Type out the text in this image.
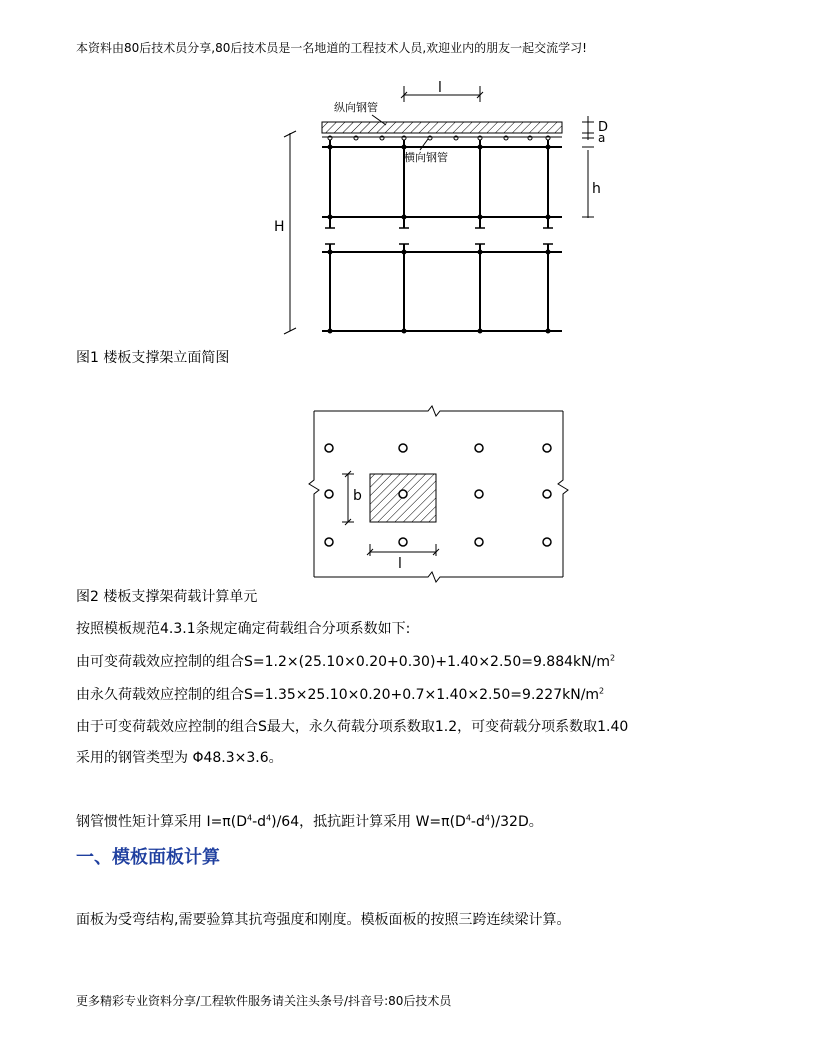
本资料由80后技术员分享,80后技术员是一名地道的工程技术人员,欢迎业内的朋友一起交流学习!
l
D
a
h
H
纵向钢管
横向钢管
图1 楼板支撑架立面简图
b
l
图2 楼板支撑架荷载计算单元
按照模板规范4.3.1条规定确定荷载组合分项系数如下:
由可变荷载效应控制的组合$S=1.2\times(25.10\times 0.20+0.30)+1.40\times 2.50=9.884kN/m^2$
由永久荷载效应控制的组合$S=1.35\times 25.10\times 0.20+0.7\times 1.40\times 2.50=9.227kN/m^2$
由于可变荷载效应控制的组合S最大，永久荷载分项系数取1.2，可变荷载分项系数取1.40
采用的钢管类型为 Φ48.3×3.6。
钢管惯性矩计算采用 $I=\pi(D^4-d^4)/64$，抵抗距计算采用 $W=\pi(D^4-d^4)/32D$。
一、模板面板计算
面板为受弯结构,需要验算其抗弯强度和刚度。模板面板的按照三跨连续梁计算。
更多精彩专业资料分享/工程软件服务请关注头条号/抖音号:80后技术员
